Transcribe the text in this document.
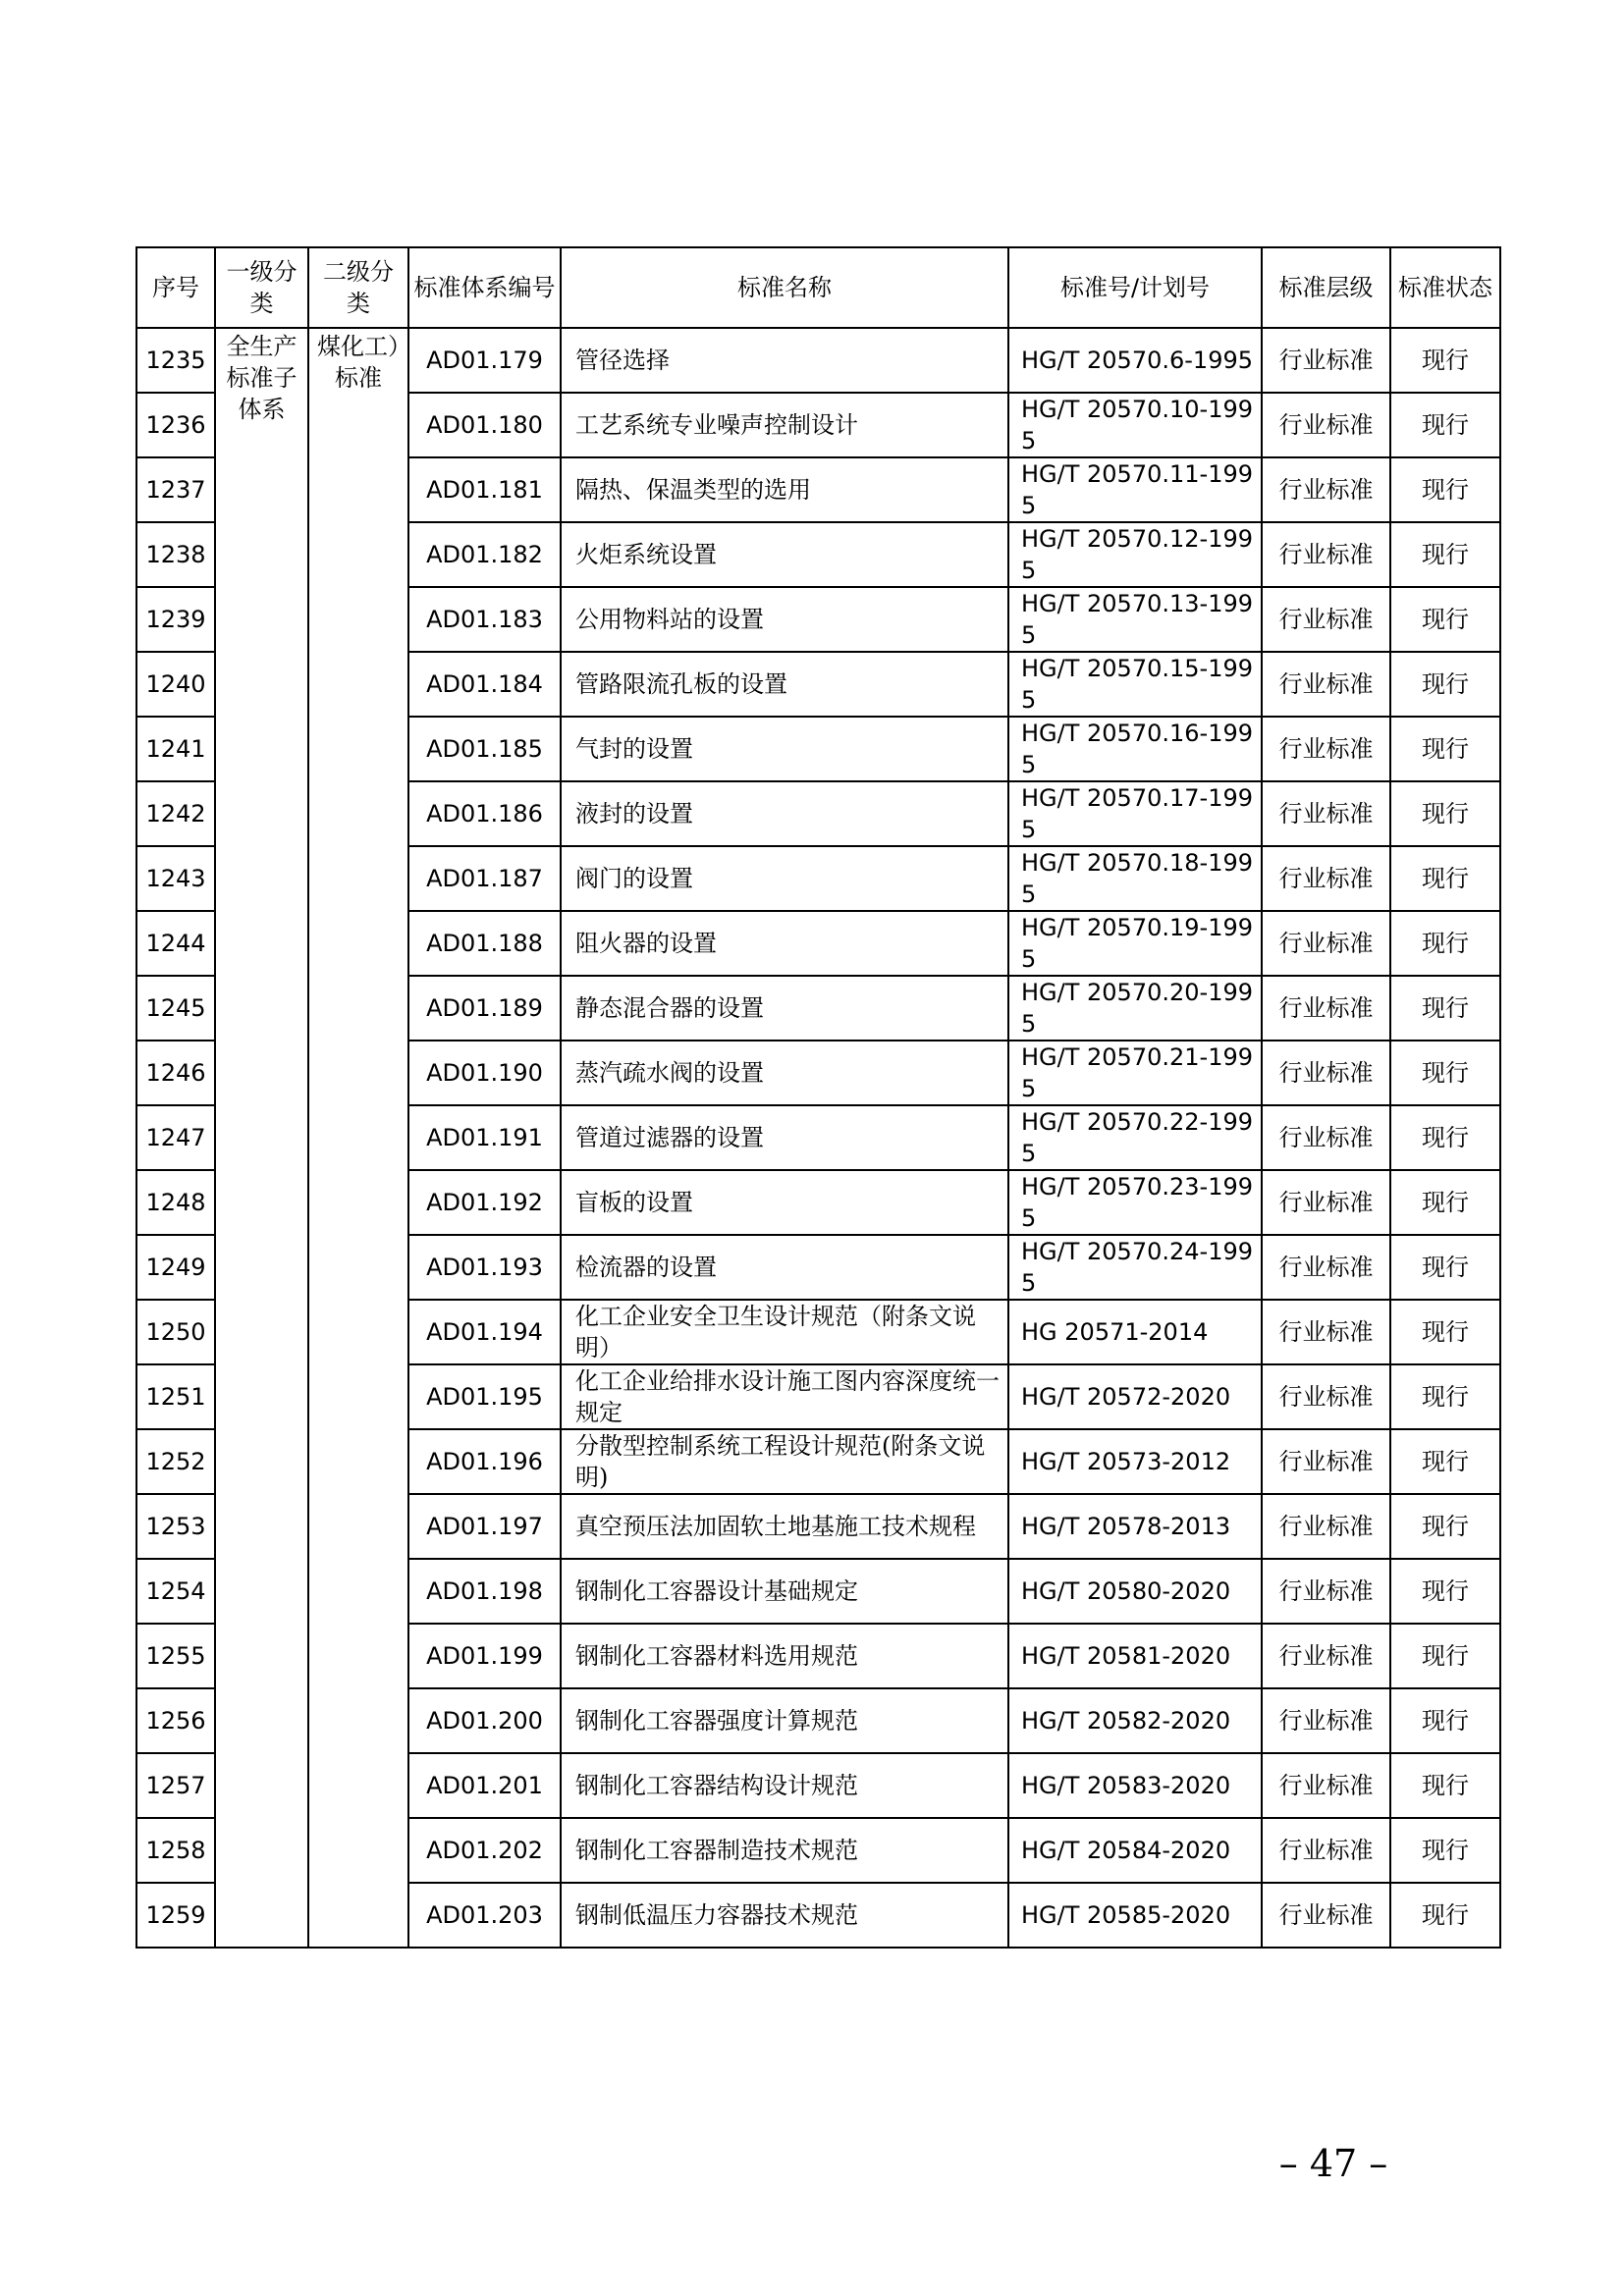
序号	一级分类	二级分类	标准体系编号	标准名称	标准号/计划号	标准层级	标准状态
1235	全生产标准子体系	煤化工）标准	AD01.179	管径选择	HG/T 20570.6-1995	行业标准	现行
1236			AD01.180	工艺系统专业噪声控制设计	HG/T 20570.10-1995	行业标准	现行
1237			AD01.181	隔热、保温类型的选用	HG/T 20570.11-1995	行业标准	现行
1238			AD01.182	火炬系统设置	HG/T 20570.12-1995	行业标准	现行
1239			AD01.183	公用物料站的设置	HG/T 20570.13-1995	行业标准	现行
1240			AD01.184	管路限流孔板的设置	HG/T 20570.15-1995	行业标准	现行
1241			AD01.185	气封的设置	HG/T 20570.16-1995	行业标准	现行
1242			AD01.186	液封的设置	HG/T 20570.17-1995	行业标准	现行
1243			AD01.187	阀门的设置	HG/T 20570.18-1995	行业标准	现行
1244			AD01.188	阻火器的设置	HG/T 20570.19-1995	行业标准	现行
1245			AD01.189	静态混合器的设置	HG/T 20570.20-1995	行业标准	现行
1246			AD01.190	蒸汽疏水阀的设置	HG/T 20570.21-1995	行业标准	现行
1247			AD01.191	管道过滤器的设置	HG/T 20570.22-1995	行业标准	现行
1248			AD01.192	盲板的设置	HG/T 20570.23-1995	行业标准	现行
1249			AD01.193	检流器的设置	HG/T 20570.24-1995	行业标准	现行
1250			AD01.194	化工企业安全卫生设计规范（附条文说明）	HG 20571-2014	行业标准	现行
1251			AD01.195	化工企业给排水设计施工图内容深度统一规定	HG/T 20572-2020	行业标准	现行
1252			AD01.196	分散型控制系统工程设计规范(附条文说明)	HG/T 20573-2012	行业标准	现行
1253			AD01.197	真空预压法加固软土地基施工技术规程	HG/T 20578-2013	行业标准	现行
1254			AD01.198	钢制化工容器设计基础规定	HG/T 20580-2020	行业标准	现行
1255			AD01.199	钢制化工容器材料选用规范	HG/T 20581-2020	行业标准	现行
1256			AD01.200	钢制化工容器强度计算规范	HG/T 20582-2020	行业标准	现行
1257			AD01.201	钢制化工容器结构设计规范	HG/T 20583-2020	行业标准	现行
1258			AD01.202	钢制化工容器制造技术规范	HG/T 20584-2020	行业标准	现行
1259			AD01.203	钢制低温压力容器技术规范	HG/T 20585-2020	行业标准	现行
– 47 –
